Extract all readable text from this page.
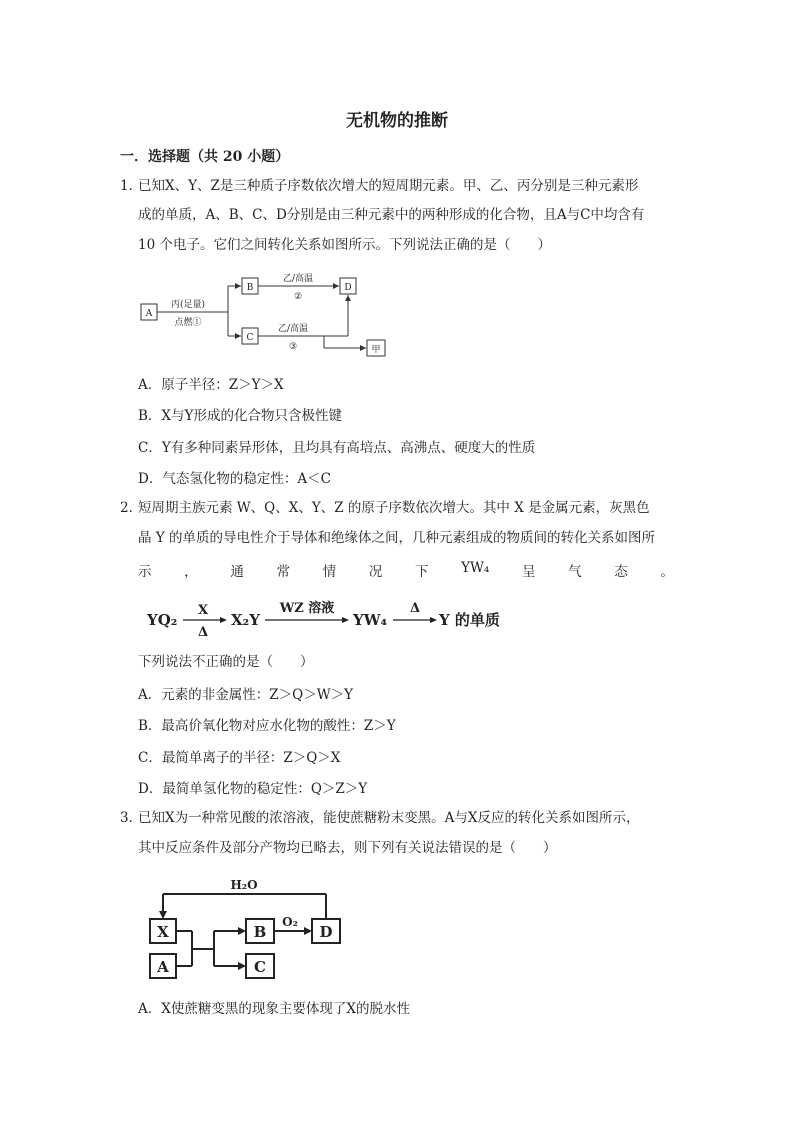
无机物的推断
一．选择题（共 20 小题）
1．
已知X、Y、Z是三种质子序数依次增大的短周期元素。甲、乙、丙分别是三种元素形
成的单质，A、B、C、D分别是由三种元素中的两种形成的化合物，且A与C中均含有
10 个电子。它们之间转化关系如图所示。下列说法正确的是（　　）
A
B
C
D
甲
丙(足量)
点燃①
乙/高温
②
乙/高温
③
A．原子半径：Z＞Y＞X
B．X与Y形成的化合物只含极性键
C．Y有多种同素异形体，且均具有高培点、高沸点、硬度大的性质
D．气态氢化物的稳定性：A＜C
2．
短周期主族元素 W、Q、X、Y、Z 的原子序数依次增大。其中 X 是金属元素，灰黑色
晶 Y 的单质的导电性介于导体和绝缘体之间，几种元素组成的物质间的转化关系如图所
示 ， 通 常 情 况 下 YW₄ 呈 气 态 。
YQ₂	X₂Y	YW₄	Y 的单质
X
Δ
WZ 溶液	Δ
下列说法不正确的是（　　）
A．元素的非金属性：Z＞Q＞W＞Y
B．最高价氧化物对应水化物的酸性：Z＞Y
C．最简单离子的半径：Z＞Q＞X
D．最简单氢化物的稳定性：Q＞Z＞Y
3．
已知X为一种常见酸的浓溶液，能使蔗糖粉末变黑。A与X反应的转化关系如图所示，
其中反应条件及部分产物均已略去，则下列有关说法错误的是（　　）
X
A
B
C
D
H₂O
O₂
A．X使蔗糖变黑的现象主要体现了X的脱水性
